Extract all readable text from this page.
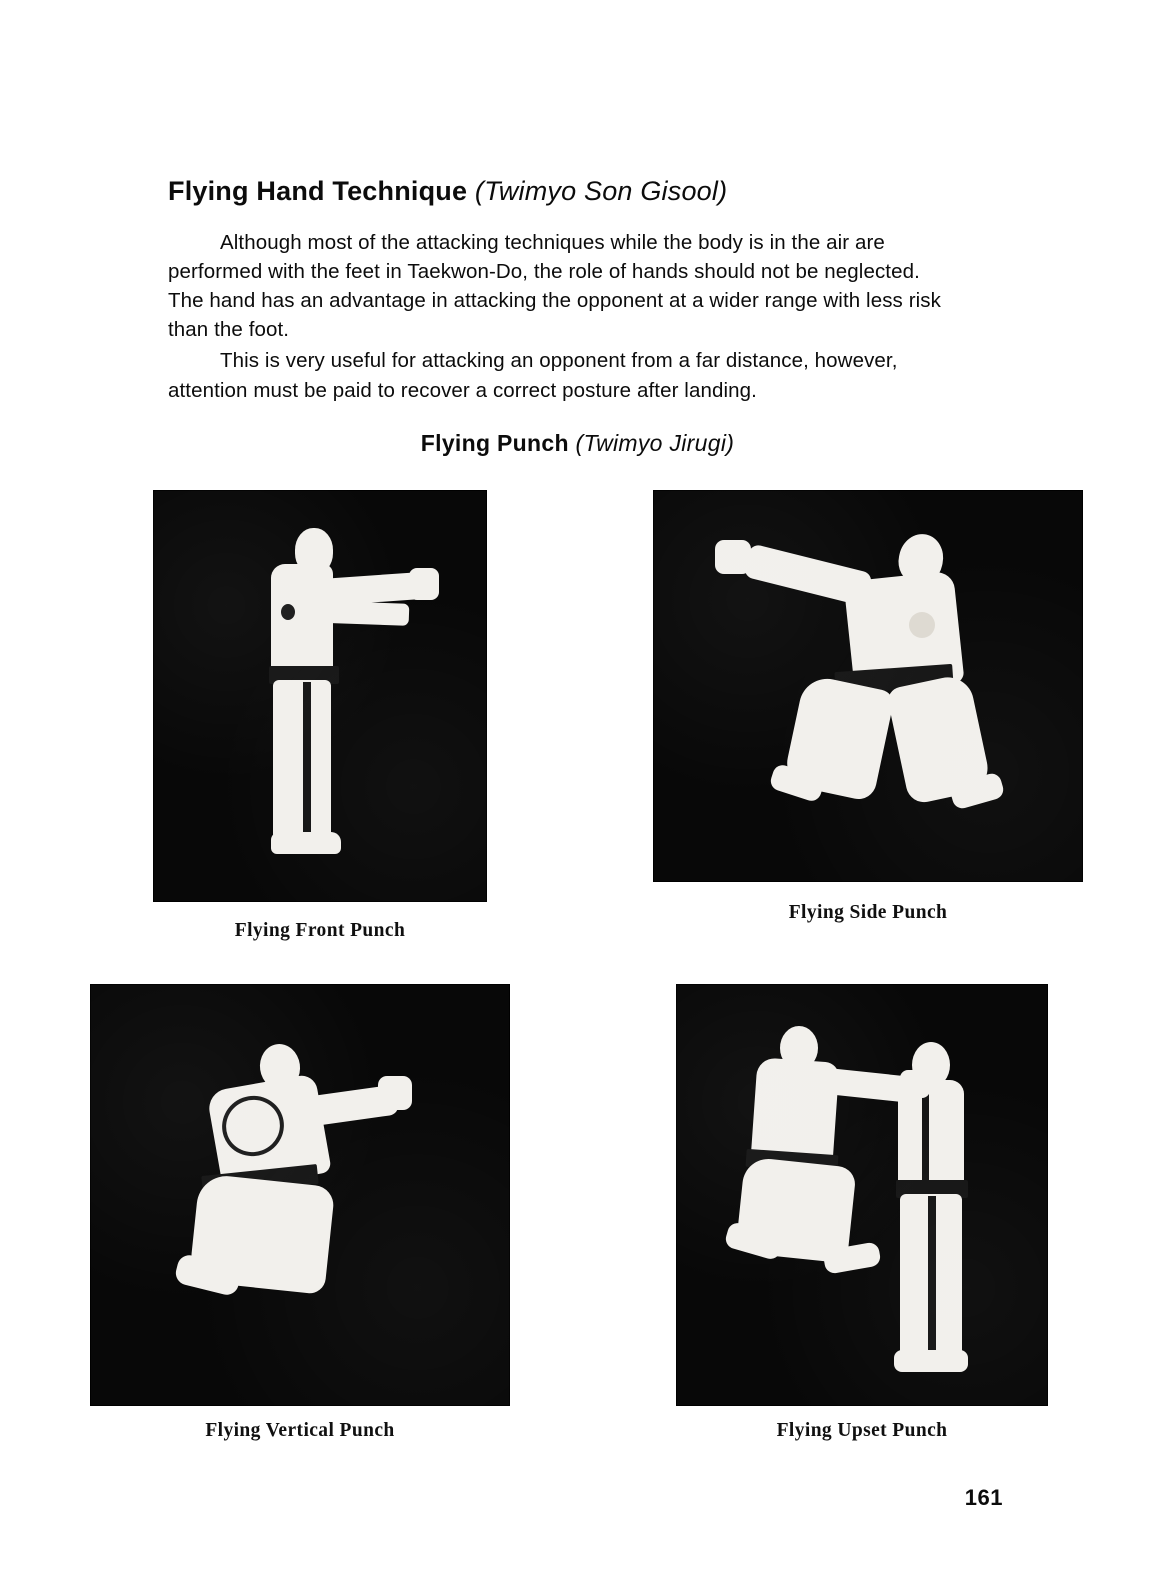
Flying Hand Technique (Twimyo Son Gisool)

Although most of the attacking techniques while the body is in the air are performed with the feet in Taekwon-Do, the role of hands should not be neglected. The hand has an advantage in attacking the opponent at a wider range with less risk than the foot.

This is very useful for attacking an opponent from a far distance, however, attention must be paid to recover a correct posture after landing.

Flying Punch (Twimyo Jirugi)
Flying Front Punch
Flying Side Punch
Flying Vertical Punch	Flying Upset Punch
161
